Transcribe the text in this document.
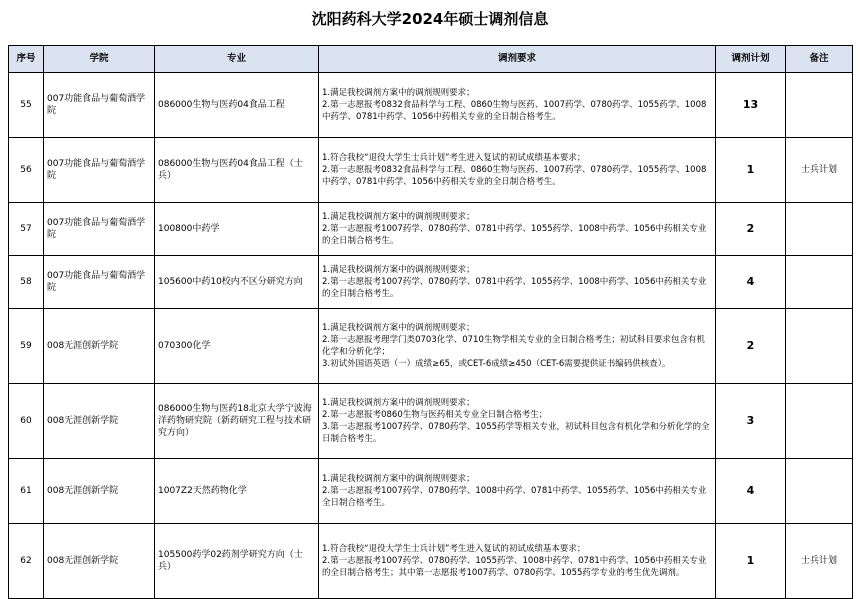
沈阳药科大学2024年硕士调剂信息
序号	学院	专业	调剂要求	调剂计划	备注
55	007功能食品与葡萄酒学院	086000生物与医药04食品工程	1.满足我校调剂方案中的调剂规则要求；
2.第一志愿报考0832食品科学与工程、0860生物与医药、1007药学、0780药学、1055药学、1008中药学、0781中药学、1056中药相关专业的全日制合格考生。	13	
56	007功能食品与葡萄酒学院	086000生物与医药04食品工程（士兵）	1.符合我校“退役大学生士兵计划”考生进入复试的初试成绩基本要求；
2.第一志愿报考0832食品科学与工程、0860生物与医药、1007药学、0780药学、1055药学、1008中药学、0781中药学、1056中药相关专业的全日制合格考生。	1	士兵计划
57	007功能食品与葡萄酒学院	100800中药学	1.满足我校调剂方案中的调剂规则要求；
2.第一志愿报考1007药学、0780药学、0781中药学、1055药学、1008中药学、1056中药相关专业的全日制合格考生。	2	
58	007功能食品与葡萄酒学院	105600中药10校内不区分研究方向	1.满足我校调剂方案中的调剂规则要求；
2.第一志愿报考1007药学、0780药学、0781中药学、1055药学、1008中药学、1056中药相关专业的全日制合格考生。	4	
59	008无涯创新学院	070300化学	1.满足我校调剂方案中的调剂规则要求；
2.第一志愿报考理学门类0703化学、0710生物学相关专业的全日制合格考生；初试科目要求包含有机化学和分析化学；
3.初试外国语英语（一）成绩≥65，或CET-6成绩≥450（CET-6需要提供证书编码供核查）。	2	
60	008无涯创新学院	086000生物与医药18北京大学宁波海洋药物研究院（新药研究工程与技术研究方向）	1.满足我校调剂方案中的调剂规则要求；
2.第一志愿报考0860生物与医药相关专业全日制合格考生；
3.第一志愿报考1007药学、0780药学、1055药学等相关专业，初试科目包含有机化学和分析化学的全日制合格考生。	3	
61	008无涯创新学院	1007Z2天然药物化学	1.满足我校调剂方案中的调剂规则要求；
2.第一志愿报考1007药学、0780药学、1008中药学、0781中药学、1055药学、1056中药相关专业全日制合格考生。	4	
62	008无涯创新学院	105500药学02药剂学研究方向（士兵）	1.符合我校“退役大学生士兵计划”考生进入复试的初试成绩基本要求；
2.第一志愿报考1007药学、0780药学、1055药学、1008中药学、0781中药学、1056中药相关专业的全日制合格考生；其中第一志愿报考1007药学、0780药学、1055药学专业的考生优先调剂。	1	士兵计划
